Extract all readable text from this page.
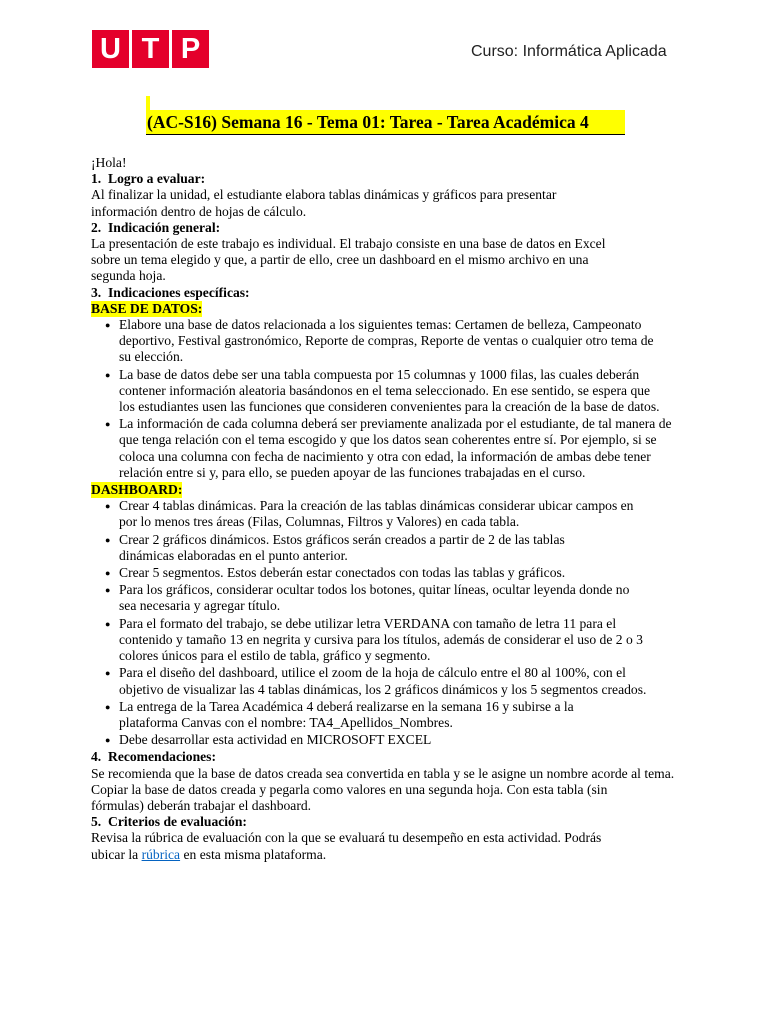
U T P	Curso: Informática Aplicada
(AC-S16) Semana 16 - Tema 01: Tarea - Tarea Académica 4

¡Hola!

1. Logro a evaluar:

Al finalizar la unidad, el estudiante elabora tablas dinámicas y gráficos para presentar información dentro de hojas de cálculo.

2. Indicación general:

La presentación de este trabajo es individual. El trabajo consiste en una base de datos en Excel sobre un tema elegido y que, a partir de ello, cree un dashboard en el mismo archivo en una segunda hoja.

3. Indicaciones específicas:
BASE DE DATOS:
● Elabore una base de datos relacionada a los siguientes temas: Certamen de belleza, Campeonato deportivo, Festival gastronómico, Reporte de compras, Reporte de ventas o cualquier otro tema de su elección.
● La base de datos debe ser una tabla compuesta por 15 columnas y 1000 filas, las cuales deberán contener información aleatoria basándonos en el tema seleccionado. En ese sentido, se espera que los estudiantes usen las funciones que consideren convenientes para la creación de la base de datos.
● La información de cada columna deberá ser previamente analizada por el estudiante, de tal manera de que tenga relación con el tema escogido y que los datos sean coherentes entre sí. Por ejemplo, si se coloca una columna con fecha de nacimiento y otra con edad, la información de ambas debe tener relación entre si y, para ello, se pueden apoyar de las funciones trabajadas en el curso.
DASHBOARD:
● Crear 4 tablas dinámicas. Para la creación de las tablas dinámicas considerar ubicar campos en por lo menos tres áreas (Filas, Columnas, Filtros y Valores) en cada tabla.
● Crear 2 gráficos dinámicos. Estos gráficos serán creados a partir de 2 de las tablas dinámicas elaboradas en el punto anterior.
● Crear 5 segmentos. Estos deberán estar conectados con todas las tablas y gráficos.
● Para los gráficos, considerar ocultar todos los botones, quitar líneas, ocultar leyenda donde no sea necesaria y agregar título.
● Para el formato del trabajo, se debe utilizar letra VERDANA con tamaño de letra 11 para el contenido y tamaño 13 en negrita y cursiva para los títulos, además de considerar el uso de 2 o 3 colores únicos para el estilo de tabla, gráfico y segmento.
● Para el diseño del dashboard, utilice el zoom de la hoja de cálculo entre el 80 al 100%, con el objetivo de visualizar las 4 tablas dinámicas, los 2 gráficos dinámicos y los 5 segmentos creados.
● La entrega de la Tarea Académica 4 deberá realizarse en la semana 16 y subirse a la plataforma Canvas con el nombre: TA4_Apellidos_Nombres.
● Debe desarrollar esta actividad en MICROSOFT EXCEL
4. Recomendaciones:

Se recomienda que la base de datos creada sea convertida en tabla y se le asigne un nombre acorde al tema.

Copiar la base de datos creada y pegarla como valores en una segunda hoja. Con esta tabla (sin fórmulas) deberán trabajar el dashboard.

5. Criterios de evaluación:

Revisa la rúbrica de evaluación con la que se evaluará tu desempeño en esta actividad. Podrás ubicar la rúbrica en esta misma plataforma.
